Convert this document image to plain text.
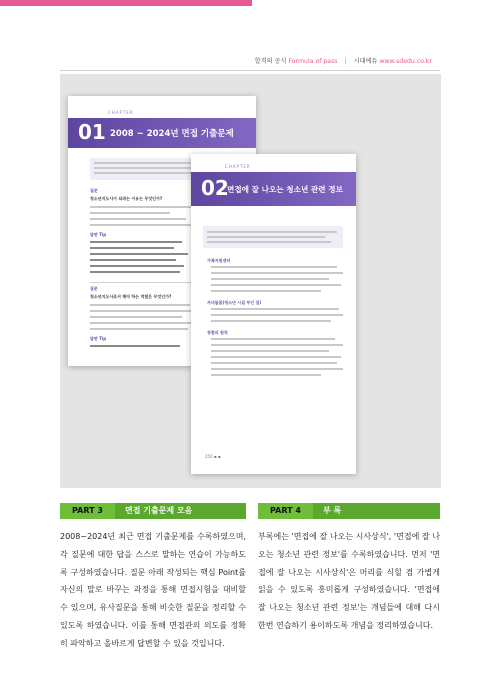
합격의 공식 Formula of pass | 시대에듀 www.sdedu.co.kr
CHAPTER
01 2008 ~ 2024년 면접 기출문제
질문
청소년지도사가 되려는 이유는 무엇인가?
답변 Tip
질문
청소년지도사로서 해야 하는 역할은 무엇인가?
답변 Tip
CHAPTER
02
면접에 잘 나오는 청소년 관련 정보
가족지원센터
자녀돌봄(청소년 시설 부인 업)
청렴의 원칙
250 ▪ ▪
PART 3	면접 기출문제 모음
2008~2024년 최근 면접 기출문제를 수록하였으며, 각 질문에 대한 답을 스스로 말하는 연습이 가능하도록 구성하였습니다. 질문 아래 작성되는 핵심 Point를 자신의 말로 바꾸는 과정을 통해 면접시험을 대비할 수 있으며, 유사질문을 통해 비슷한 질문을 정리할 수 있도록 하였습니다. 이를 통해 면접관의 의도를 정확히 파악하고 올바르게 답변할 수 있을 것입니다.
PART 4	부 록
부록에는 '면접에 잘 나오는 시사상식', '면접에 잘 나오는 청소년 관련 정보'를 수록하였습니다. 먼저 '면접에 잘 나오는 시사상식'은 머리를 식힐 겸 가볍게 읽을 수 있도록 흥미롭게 구성하였습니다. '면접에 잘 나오는 청소년 관련 정보'는 개념들에 대해 다시 한번 연습하기 용이하도록 개념을 정리하였습니다.
